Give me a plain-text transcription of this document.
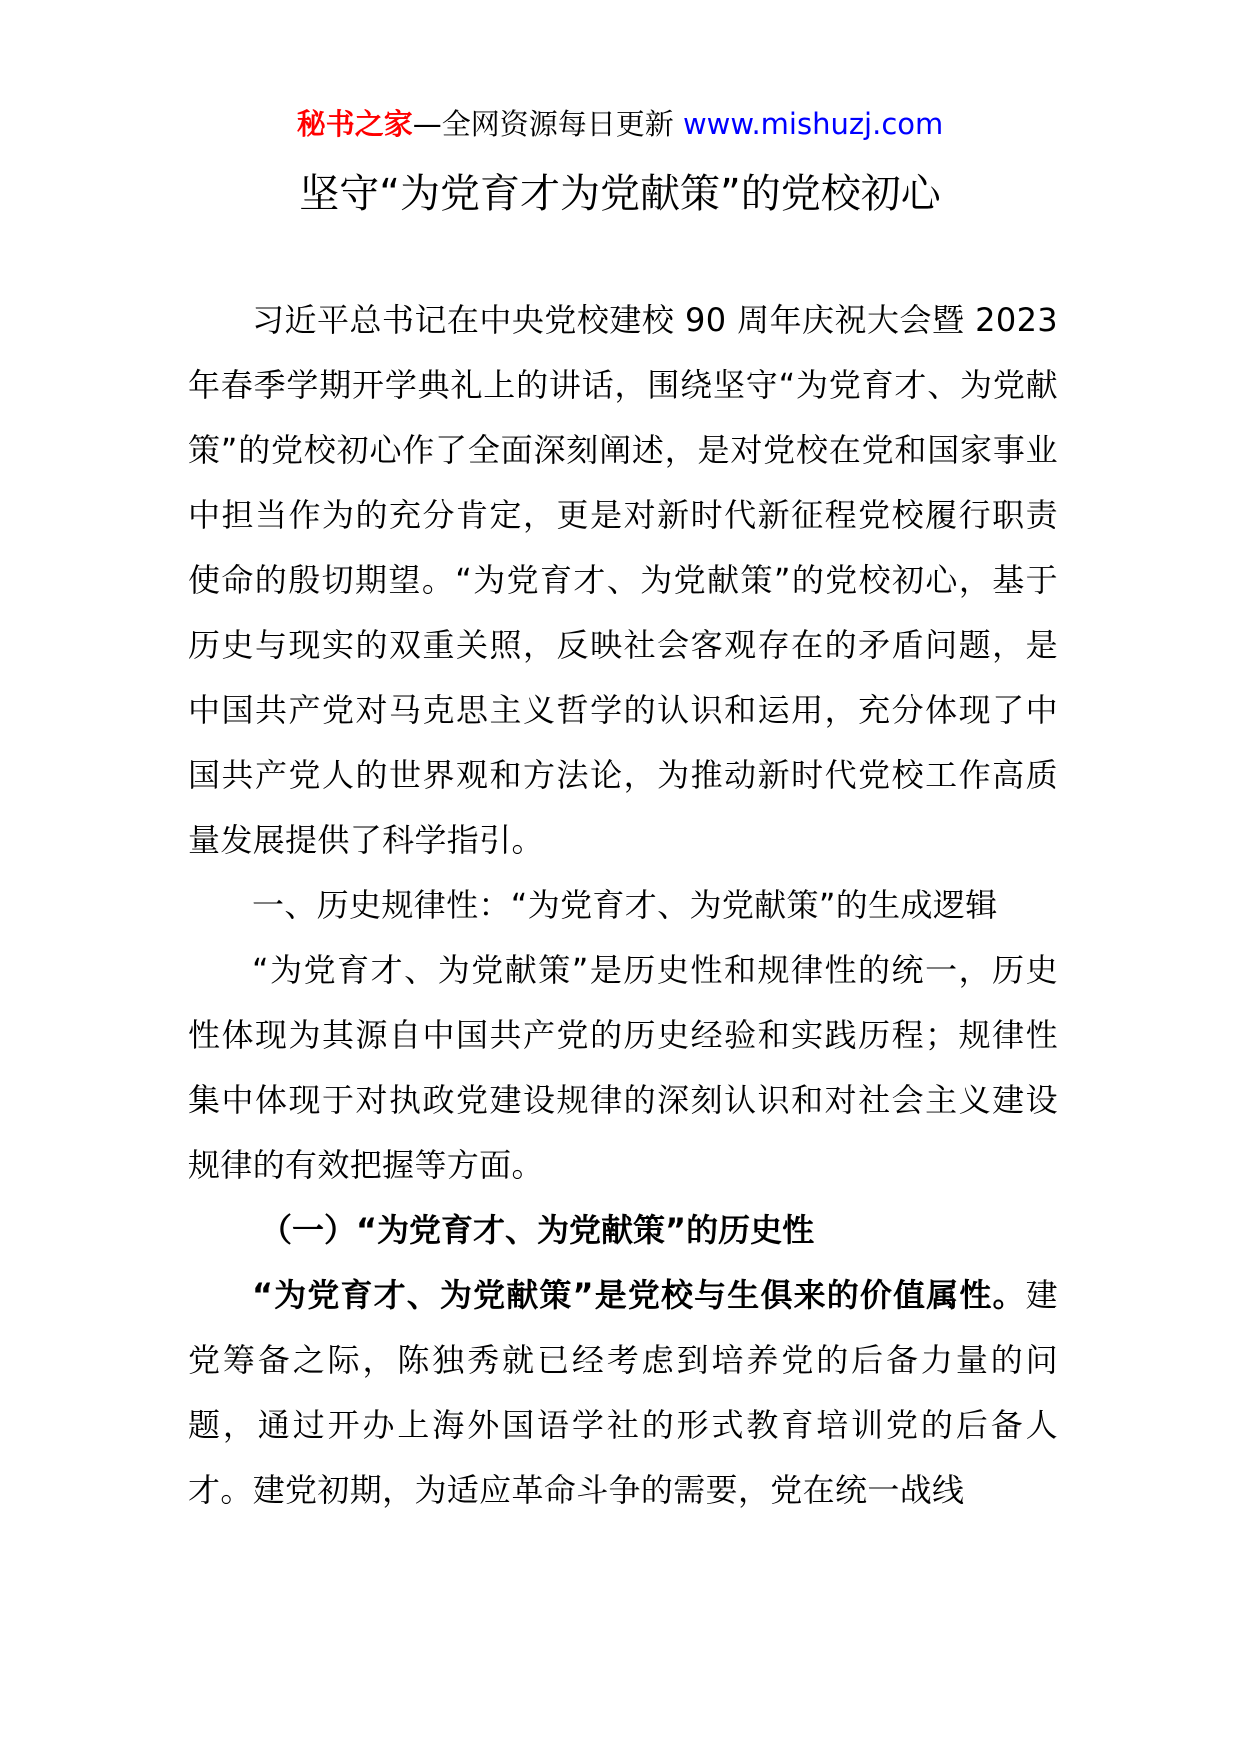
秘书之家—全网资源每日更新 www.mishuzj.com
坚守“为党育才为党献策”的党校初心

习近平总书记在中央党校建校 90 周年庆祝大会暨 2023 年春季学期开学典礼上的讲话，围绕坚守“为党育才、为党献策”的党校初心作了全面深刻阐述，是对党校在党和国家事业中担当作为的充分肯定，更是对新时代新征程党校履行职责使命的殷切期望。“为党育才、为党献策”的党校初心，基于历史与现实的双重关照，反映社会客观存在的矛盾问题，是中国共产党对马克思主义哲学的认识和运用，充分体现了中国共产党人的世界观和方法论，为推动新时代党校工作高质量发展提供了科学指引。

一、历史规律性：“为党育才、为党献策”的生成逻辑

“为党育才、为党献策”是历史性和规律性的统一，历史性体现为其源自中国共产党的历史经验和实践历程；规律性集中体现于对执政党建设规律的深刻认识和对社会主义建设规律的有效把握等方面。

（一）“为党育才、为党献策”的历史性

“为党育才、为党献策”是党校与生俱来的价值属性。建党筹备之际，陈独秀就已经考虑到培养党的后备力量的问题，通过开办上海外国语学社的形式教育培训党的后备人才。建党初期，为适应革命斗争的需要，党在统一战线
